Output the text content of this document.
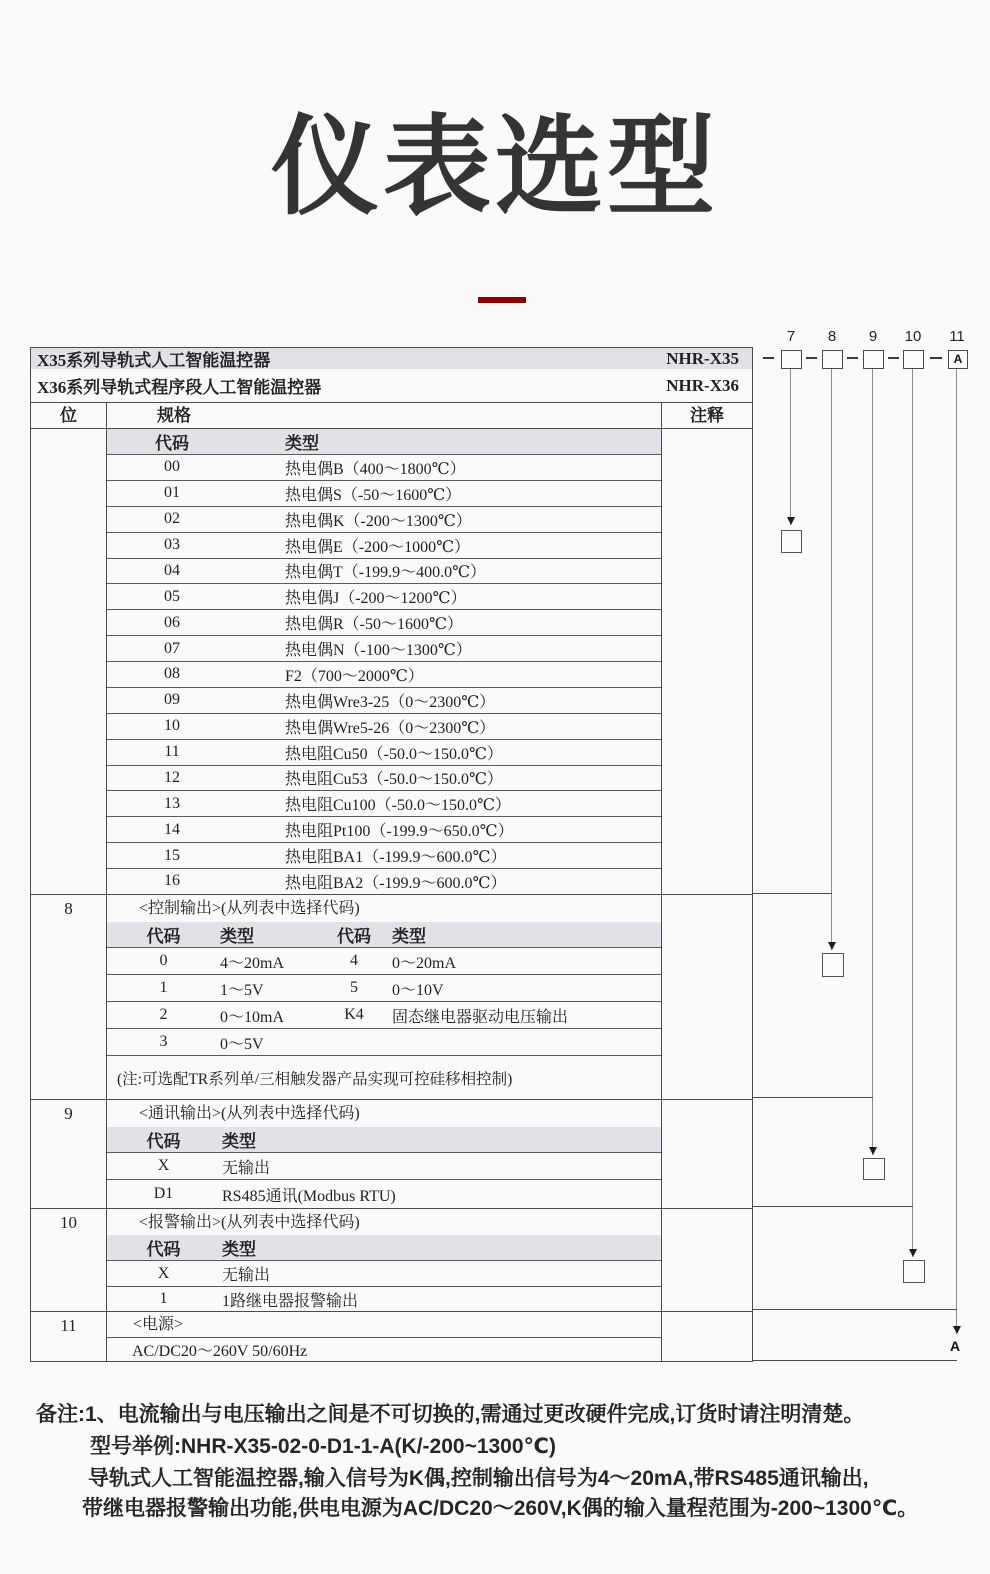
仪表选型
7	8	9	10 11
A
A
X35系列导轨式人工智能温控器	NHR-X35
X36系列导轨式程序段人工智能温控器	NHR-X36
位	规格	注释
代码	类型
00	热电偶B（400～1800℃）
01	热电偶S（-50～1600℃）
02	热电偶K（-200～1300℃）
03	热电偶E（-200～1000℃）
04	热电偶T（-199.9～400.0℃）
05	热电偶J（-200～1200℃）
06	热电偶R（-50～1600℃）
07	热电偶N（-100～1300℃）
08	F2（700～2000℃）
09	热电偶Wre3-25（0～2300℃）
10	热电偶Wre5-26（0～2300℃）
11	热电阻Cu50（-50.0～150.0℃）
12	热电阻Cu53（-50.0～150.0℃）
13	热电阻Cu100（-50.0～150.0℃）
14	热电阻Pt100（-199.9～650.0℃）
15	热电阻BA1（-199.9～600.0℃）
16	热电阻BA2（-199.9～600.0℃）
8	<控制输出>(从列表中选择代码)
代码	类型	代码	类型
0	4～20mA	4	0～20mA
1	1～5V	5	0～10V
2	0～10mA	K4	固态继电器驱动电压输出
3	0～5V
(注:可选配TR系列单/三相触发器产品实现可控硅移相控制)
9	<通讯输出>(从列表中选择代码)
代码	类型
X	无输出
D1	RS485通讯(Modbus RTU)
10	<报警输出>(从列表中选择代码)
代码	类型
X	无输出
1	1路继电器报警输出
11	<电源>
AC/DC20～260V 50/60Hz
备注:1、电流输出与电压输出之间是不可切换的,需通过更改硬件完成,订货时请注明清楚。
型号举例:NHR-X35-02-0-D1-1-A(K/-200~1300℃)
导轨式人工智能温控器,输入信号为K偶,控制输出信号为4～20mA,带RS485通讯输出,
带继电器报警输出功能,供电电源为AC/DC20～260V,K偶的输入量程范围为-200~1300℃。
